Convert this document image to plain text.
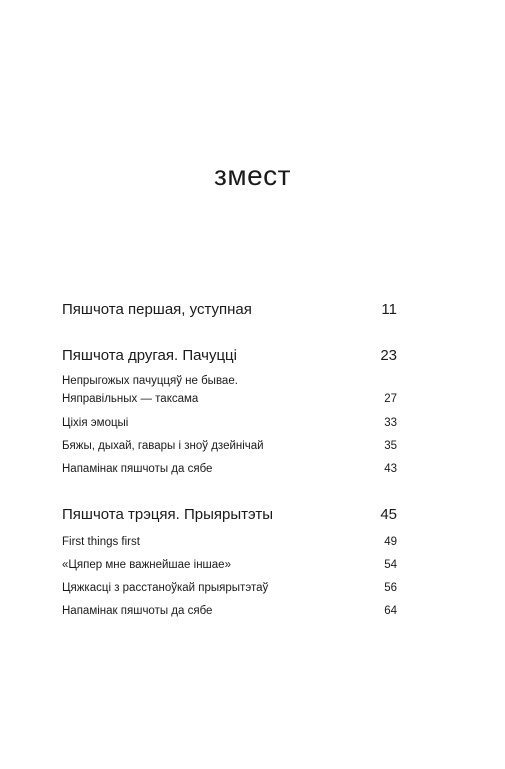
змест
Пяшчота першая, уступная	11
Пяшчота другая. Пачуцці	23
Непрыгожых пачуццяў не бывае.
Няправільных — таксама	27
Ціхія эмоцыі	33
Бяжы, дыхай, гавары і зноў дзейнічай	35
Напамінак пяшчоты да сябе	43
Пяшчота трэцяя. Прыярытэты	45
First things first	49
«Цяпер мне важнейшае іншае»	54
Цяжкасці з расстаноўкай прыярытэтаў	56
Напамінак пяшчоты да сябе	64
